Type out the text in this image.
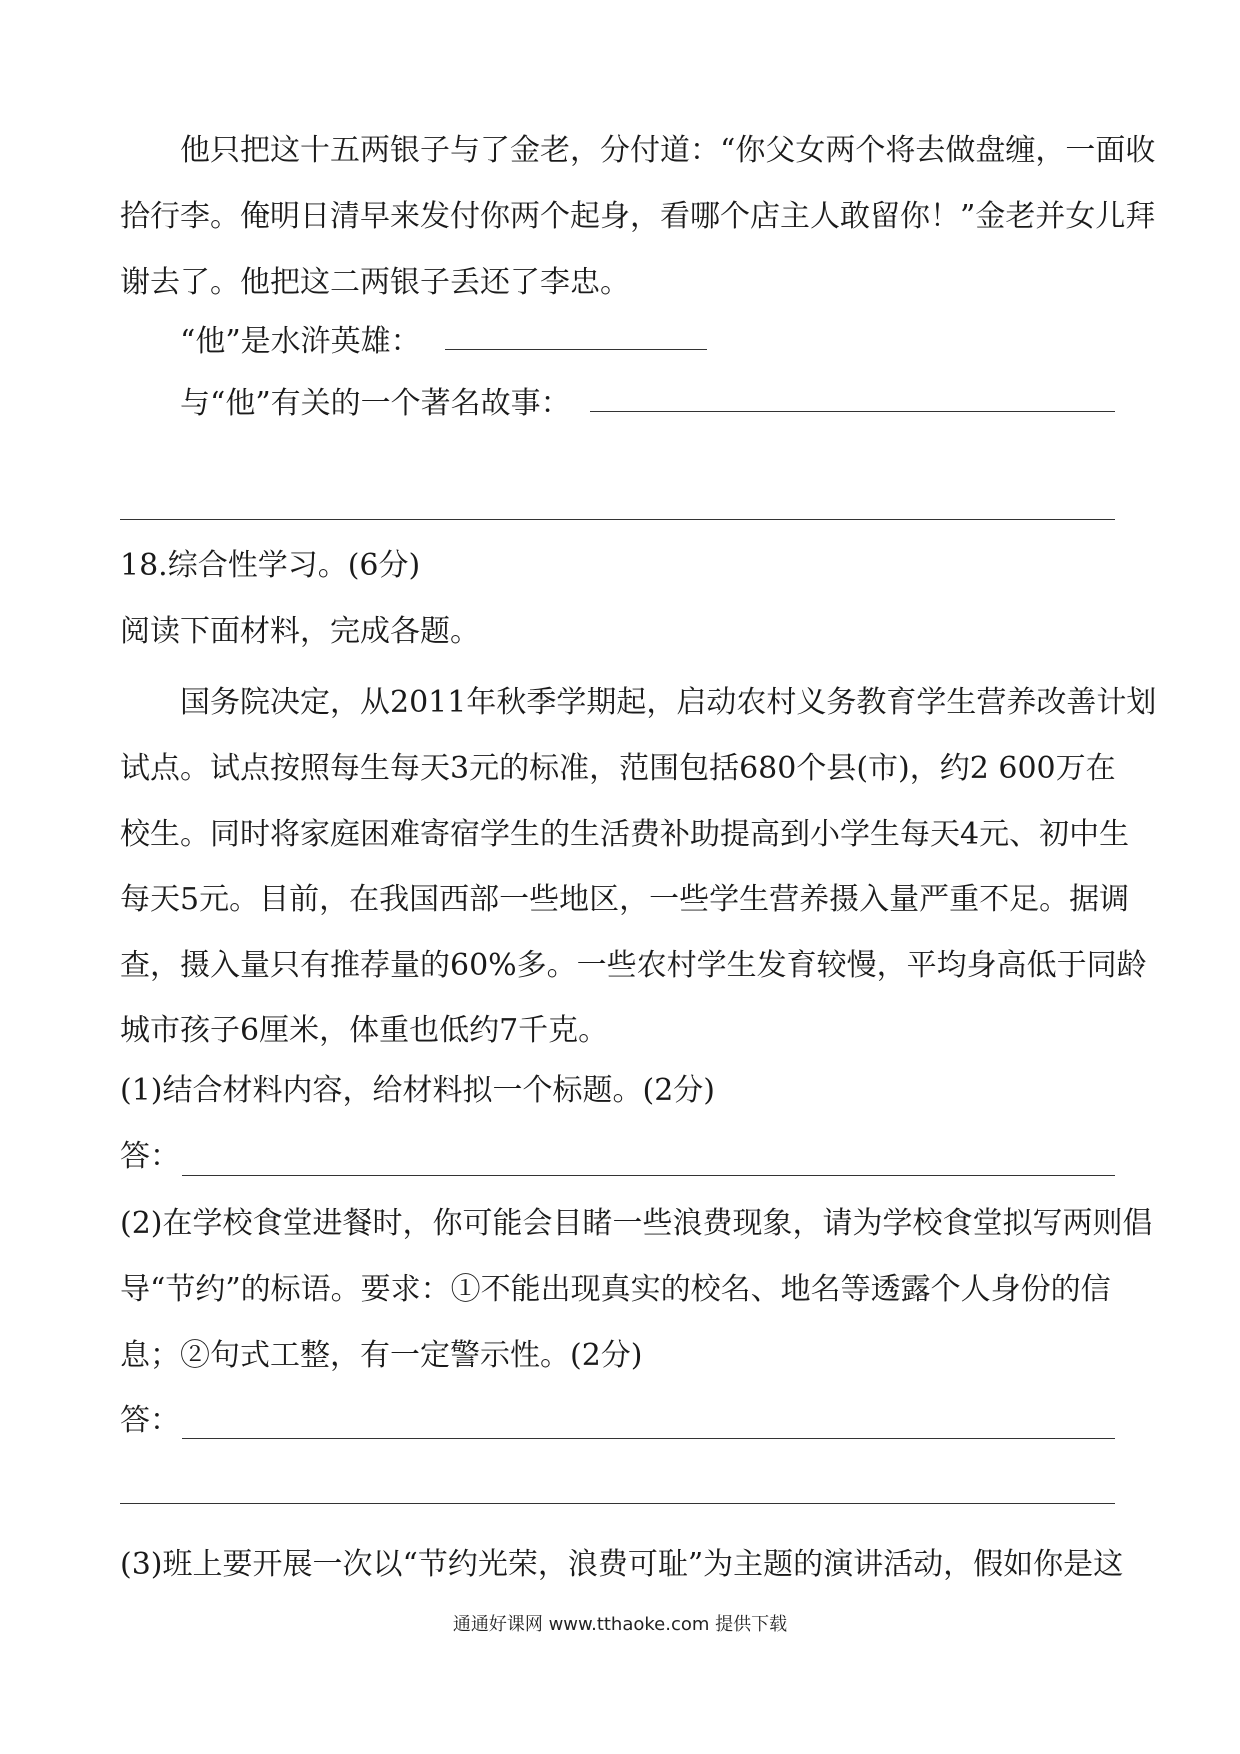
他只把这十五两银子与了金老，分付道：“你父女两个将去做盘缠，一面收
拾行李。俺明日清早来发付你两个起身，看哪个店主人敢留你！”金老并女儿拜
谢去了。他把这二两银子丢还了李忠。
“他”是水浒英雄：
与“他”有关的一个著名故事：
18.综合性学习。(6分)
阅读下面材料，完成各题。
国务院决定，从2011年秋季学期起，启动农村义务教育学生营养改善计划
试点。试点按照每生每天3元的标准，范围包括680个县(市)，约2 600万在
校生。同时将家庭困难寄宿学生的生活费补助提高到小学生每天4元、初中生
每天5元。目前，在我国西部一些地区，一些学生营养摄入量严重不足。据调
查，摄入量只有推荐量的60%多。一些农村学生发育较慢，平均身高低于同龄
城市孩子6厘米，体重也低约7千克。
(1)结合材料内容，给材料拟一个标题。(2分)
答：
(2)在学校食堂进餐时，你可能会目睹一些浪费现象，请为学校食堂拟写两则倡
导“节约”的标语。要求：①不能出现真实的校名、地名等透露个人身份的信
息；②句式工整，有一定警示性。(2分)
答：
(3)班上要开展一次以“节约光荣，浪费可耻”为主题的演讲活动，假如你是这
通通好课网 www.tthaoke.com 提供下载
